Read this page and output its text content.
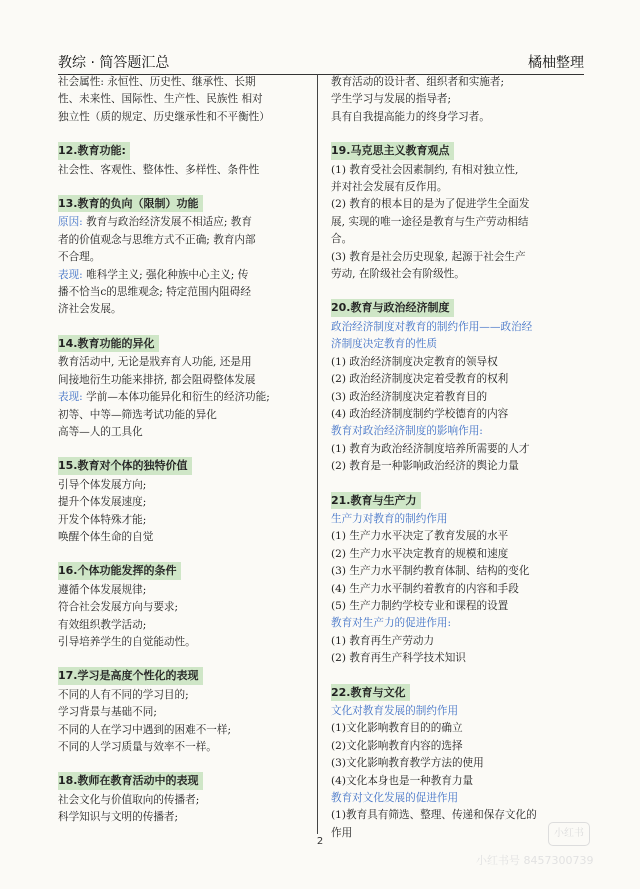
教综 · 简答题汇总	橘柚整理
社会属性: 永恒性、历史性、继承性、长期
性、未来性、国际性、生产性、民族性 相对
独立性（质的规定、历史继承性和不平衡性）
12.教育功能:
社会性、客观性、整体性、多样性、条件性
13.教育的负向（限制）功能
原因: 教育与政治经济发展不相适应; 教育
者的价值观念与思维方式不正确; 教育内部
不合理。
表现: 唯科学主义; 强化种族中心主义; 传
播不恰当c的思维观念; 特定范围内阻碍经
济社会发展。
14.教育功能的异化
教育活动中, 无论是戕弃育人功能, 还是用
间接地衍生功能来排挤, 都会阻碍整体发展
表现: 学前—本体功能异化和衍生的经济功能;
初等、中等—筛选考试功能的异化
高等—人的工具化
15.教育对个体的独特价值
引导个体发展方向;
提升个体发展速度;
开发个体特殊才能;
唤醒个体生命的自觉
16.个体功能发挥的条件
遵循个体发展规律;
符合社会发展方向与要求;
有效组织教学活动;
引导培养学生的自觉能动性。
17.学习是高度个性化的表现
不同的人有不同的学习目的;
学习背景与基础不同;
不同的人在学习中遇到的困难不一样;
不同的人学习质量与效率不一样。
18.教师在教育活动中的表现
社会文化与价值取向的传播者;
科学知识与文明的传播者;
教育活动的设计者、组织者和实施者;
学生学习与发展的指导者;
具有自我提高能力的终身学习者。
19.马克思主义教育观点
(1) 教育受社会因素制约, 有相对独立性,
并对社会发展有反作用。
(2) 教育的根本目的是为了促进学生全面发
展, 实现的唯一途径是教育与生产劳动相结
合。
(3) 教育是社会历史现象, 起源于社会生产
劳动, 在阶级社会有阶级性。
20.教育与政治经济制度
政治经济制度对教育的制约作用——政治经
济制度决定教育的性质
(1) 政治经济制度决定教育的领导权
(2) 政治经济制度决定着受教育的权利
(3) 政治经济制度决定着教育目的
(4) 政治经济制度制约学校德育的内容
教育对政治经济制度的影响作用:
(1) 教育为政治经济制度培养所需要的人才
(2) 教育是一种影响政治经济的舆论力量
21.教育与生产力
生产力对教育的制约作用
(1) 生产力水平决定了教育发展的水平
(2) 生产力水平决定教育的规模和速度
(3) 生产力水平制约教育体制、结构的变化
(4) 生产力水平制约着教育的内容和手段
(5) 生产力制约学校专业和课程的设置
教育对生产力的促进作用:
(1) 教育再生产劳动力
(2) 教育再生产科学技术知识
22.教育与文化
文化对教育发展的制约作用
(1)文化影响教育目的的确立
(2)文化影响教育内容的选择
(3)文化影响教育教学方法的使用
(4)文化本身也是一种教育力量
教育对文化发展的促进作用
(1)教育具有筛选、整理、传递和保存文化的
作用
2
小红书
小红书号 8457300739
